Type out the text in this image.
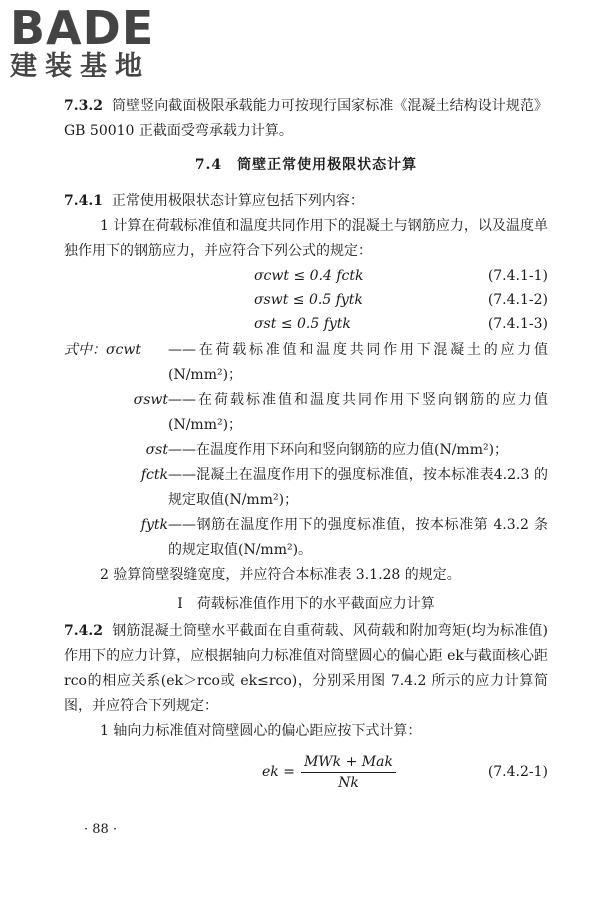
BADE
建装基地

7.3.2 筒壁竖向截面极限承载能力可按现行国家标准《混凝土结构设计规范》GB 50010 正截面受弯承载力计算。

7.4　筒壁正常使用极限状态计算

7.4.1 正常使用极限状态计算应包括下列内容：

1 计算在荷载标准值和温度共同作用下的混凝土与钢筋应力，以及温度单独作用下的钢筋应力，并应符合下列公式的规定：

σcwt ≤ 0.4 fctk	(7.4.1-1)
σswt ≤ 0.5 fytk	(7.4.1-2)
σst ≤ 0.5 fytk	(7.4.1-3)
式中：σcwt	——在荷载标准值和温度共同作用下混凝土的应力值(N/mm²)；
σswt ——在荷载标准值和温度共同作用下竖向钢筋的应力值(N/mm²)；
σst ——在温度作用下环向和竖向钢筋的应力值(N/mm²)；
fctk ——混凝土在温度作用下的强度标准值，按本标准表4.2.3 的规定取值(N/mm²)；
fytk ——钢筋在温度作用下的强度标准值，按本标准第 4.3.2 条的规定取值(N/mm²)。

2 验算筒壁裂缝宽度，并应符合本标准表 3.1.28 的规定。

Ⅰ　荷载标准值作用下的水平截面应力计算

7.4.2 钢筋混凝土筒壁水平截面在自重荷载、风荷载和附加弯矩(均为标准值)作用下的应力计算，应根据轴向力标准值对筒壁圆心的偏心距 ek与截面核心距 rco的相应关系(ek＞rco或 ek≤rco)，分别采用图 7.4.2 所示的应力计算简图，并应符合下列规定：

1 轴向力标准值对筒壁圆心的偏心距应按下式计算：

ek =
MWk + Mak
Nk
(7.4.2-1)
· 88 ·
